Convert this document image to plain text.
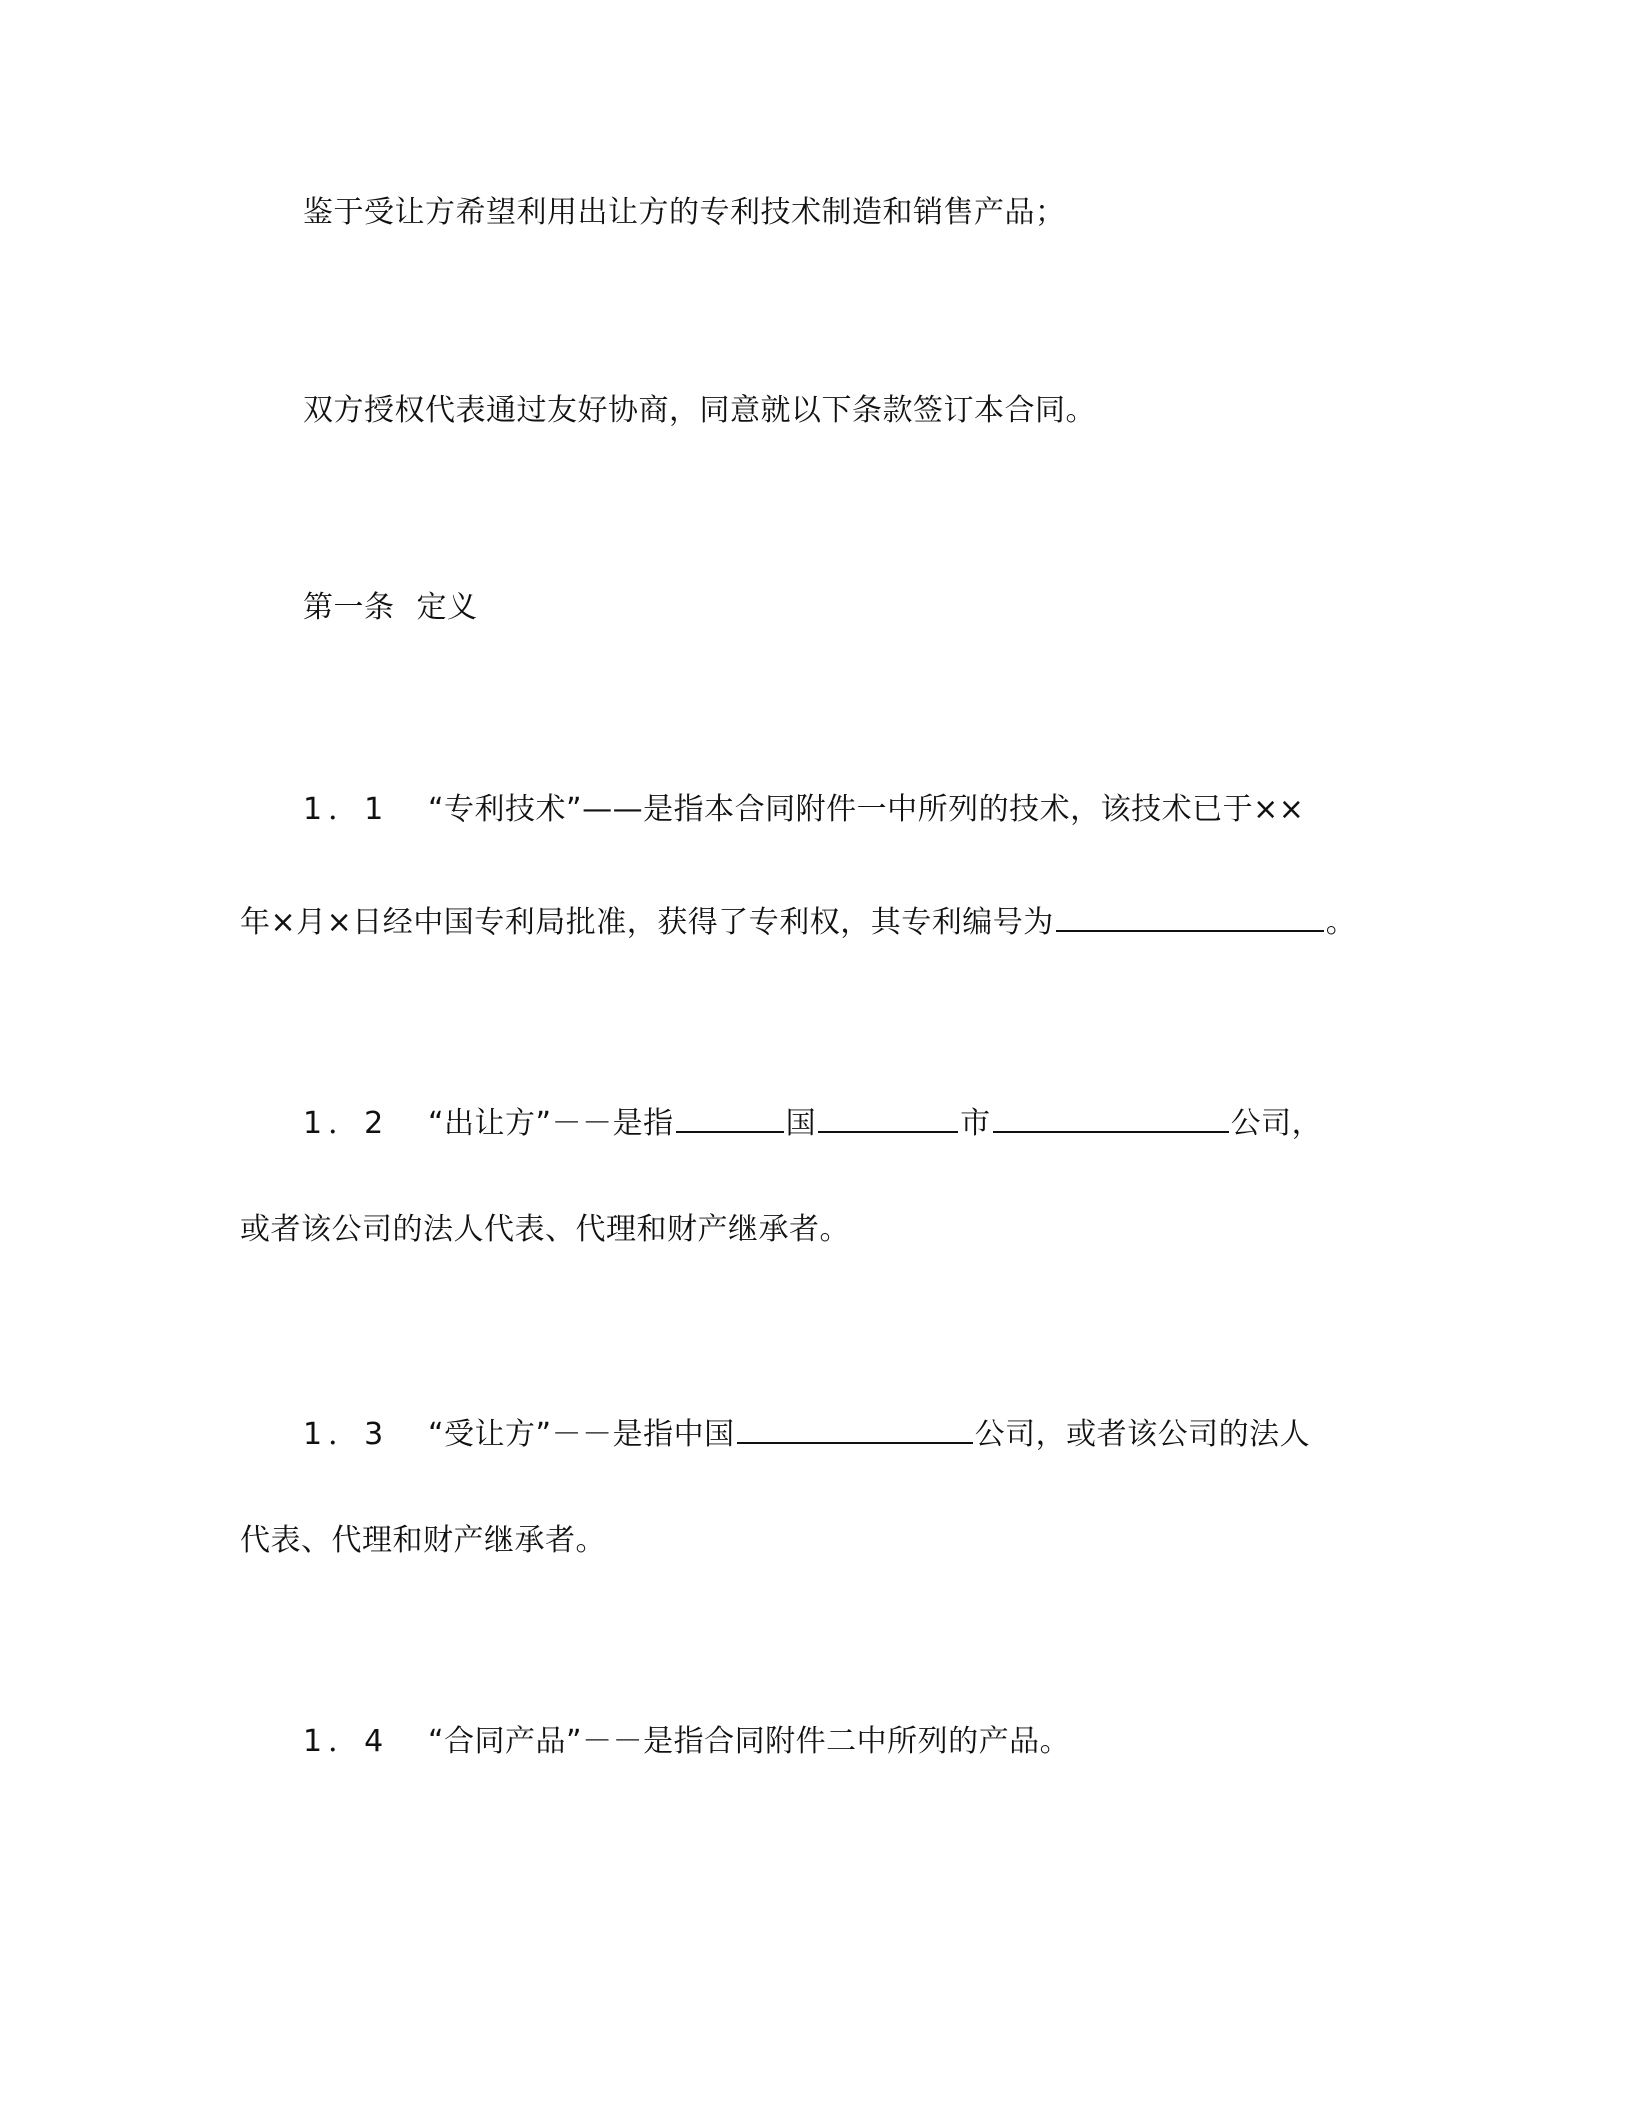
鉴于受让方希望利用出让方的专利技术制造和销售产品；
双方授权代表通过友好协商，同意就以下条款签订本合同。
第一条 定义
1．1 “专利技术”——是指本合同附件一中所列的技术，该技术已于××
年×月×日经中国专利局批准，获得了专利权，其专利编号为	。
1．2 “出让方”－－是指	国	市	公司，
或者该公司的法人代表、代理和财产继承者。
1．3 “受让方”－－是指中国	公司，或者该公司的法人
代表、代理和财产继承者。
1．4 “合同产品”－－是指合同附件二中所列的产品。
